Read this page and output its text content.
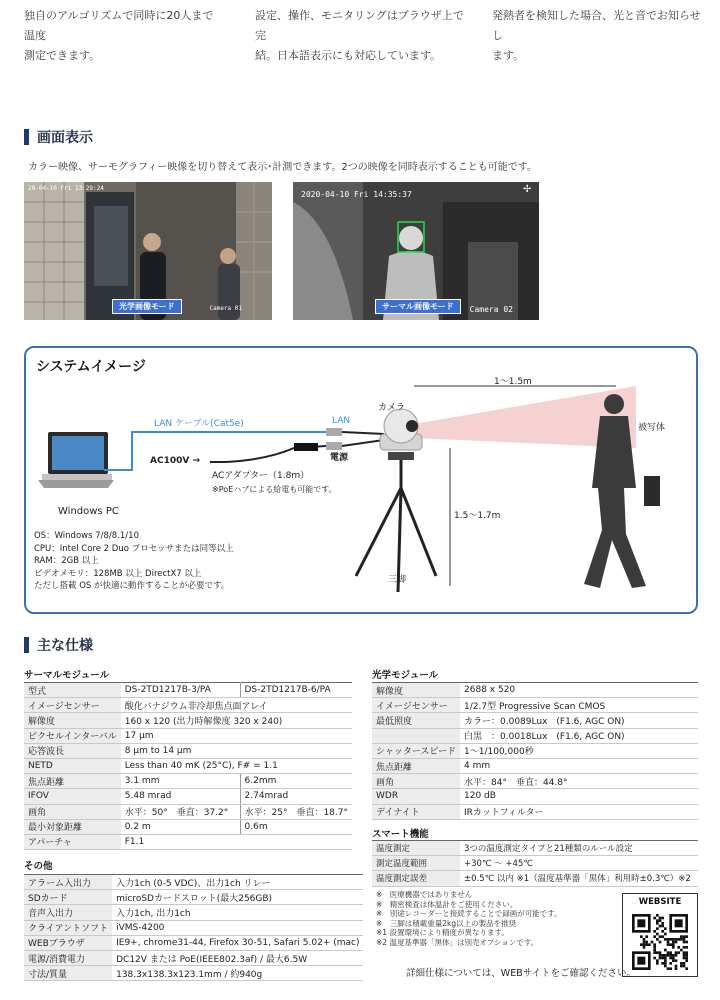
独自のアルゴリズムで同時に20人まで温度
測定できます。
設定、操作、モニタリングはブラウザ上で完
結。日本語表示にも対応しています。
発熱者を検知した場合、光と音でお知らせし
ます。
画面表示
カラー映像、サーモグラフィー映像を切り替えて表示･計測できます。2つの映像を同時表示することも可能です。
20-04-10 Fri 13:29:24
光学画像モード	Camera 01
2020-04-10 Fri 14:35:37	✢
サーマル画像モード	Camera 02
システムイメージ
LAN ケーブル(Cat5e)	LAN
電源
AC100V →
ACアダプター（1.8m）
※PoEハブによる給電も可能です。
カメラ
1～1.5m
被写体
1.5～1.7m
三脚
Windows PC
OS：Windows 7/8/8.1/10
CPU：Intel Core 2 Duo プロセッサまたは同等以上
RAM：2GB 以上
ビデオメモリ：128MB 以上 DirectX7 以上
ただし搭載 OS が快適に動作することが必要です。
主な仕様
サーマルモジュール
型式	DS-2TD1217B-3/PA	DS-2TD1217B-6/PA
イメージセンサー	酸化バナジウム非冷却焦点面アレイ	
解像度	160 x 120 (出力時解像度 320 x 240)	
ピクセルインターバル	17 μm	
応答波長	8 μm to 14 μm	
NETD	Less than 40 mK (25°C), F# = 1.1	
焦点距離	3.1 mm	6.2mm
IFOV	5.48 mrad	2.74mrad
画角	水平：50°　垂直：37.2°	水平：25°　垂直：18.7°
最小対象距離	0.2 m	0.6m
アパーチャ	F1.1	
その他
アラーム入出力	入力1ch (0-5 VDC)、出力1ch リレー
SDカード	microSDカードスロット(最大256GB)
音声入出力	入力1ch, 出力1ch
クライアントソフト	iVMS-4200
WEBブラウザ	IE9+, chrome31-44, Firefox 30-51, Safari 5.02+ (mac)
電源/消費電力	DC12V または PoE(IEEE802.3af) / 最大6.5W
寸法/質量	138.3x138.3x123.1mm / 約940g
光学モジュール
解像度	2688 x 520
イメージセンサー	1/2.7型 Progressive Scan CMOS
最低照度	カラー：0.0089Lux　(F1.6, AGC ON)
	白黒　：0.0018Lux　(F1.6, AGC ON)
シャッタースピード	1～1/100,000秒
焦点距離	4 mm
画角	水平：84°　垂直：44.8°
WDR	120 dB
デイナイト	IRカットフィルター
スマート機能
温度測定	3つの温度測定タイプと21種類のルール設定
測定温度範囲	+30℃ ～ +45℃
温度測定誤差	±0.5℃ 以内 ※1（温度基準器「黒体」利用時±0.3℃）※2
※　医療機器ではありません
※　精密検査は体温計をご使用ください。
※　別途レコーダーと接続することで録画が可能です。
※　三脚は積載重量2kg以上の製品を推奨
※1 設置環境により精度が異なります。
※2 温度基準器「黒体」は別売オプションです。
WEBSITE
詳細仕様については、WEBサイトをご確認ください。
